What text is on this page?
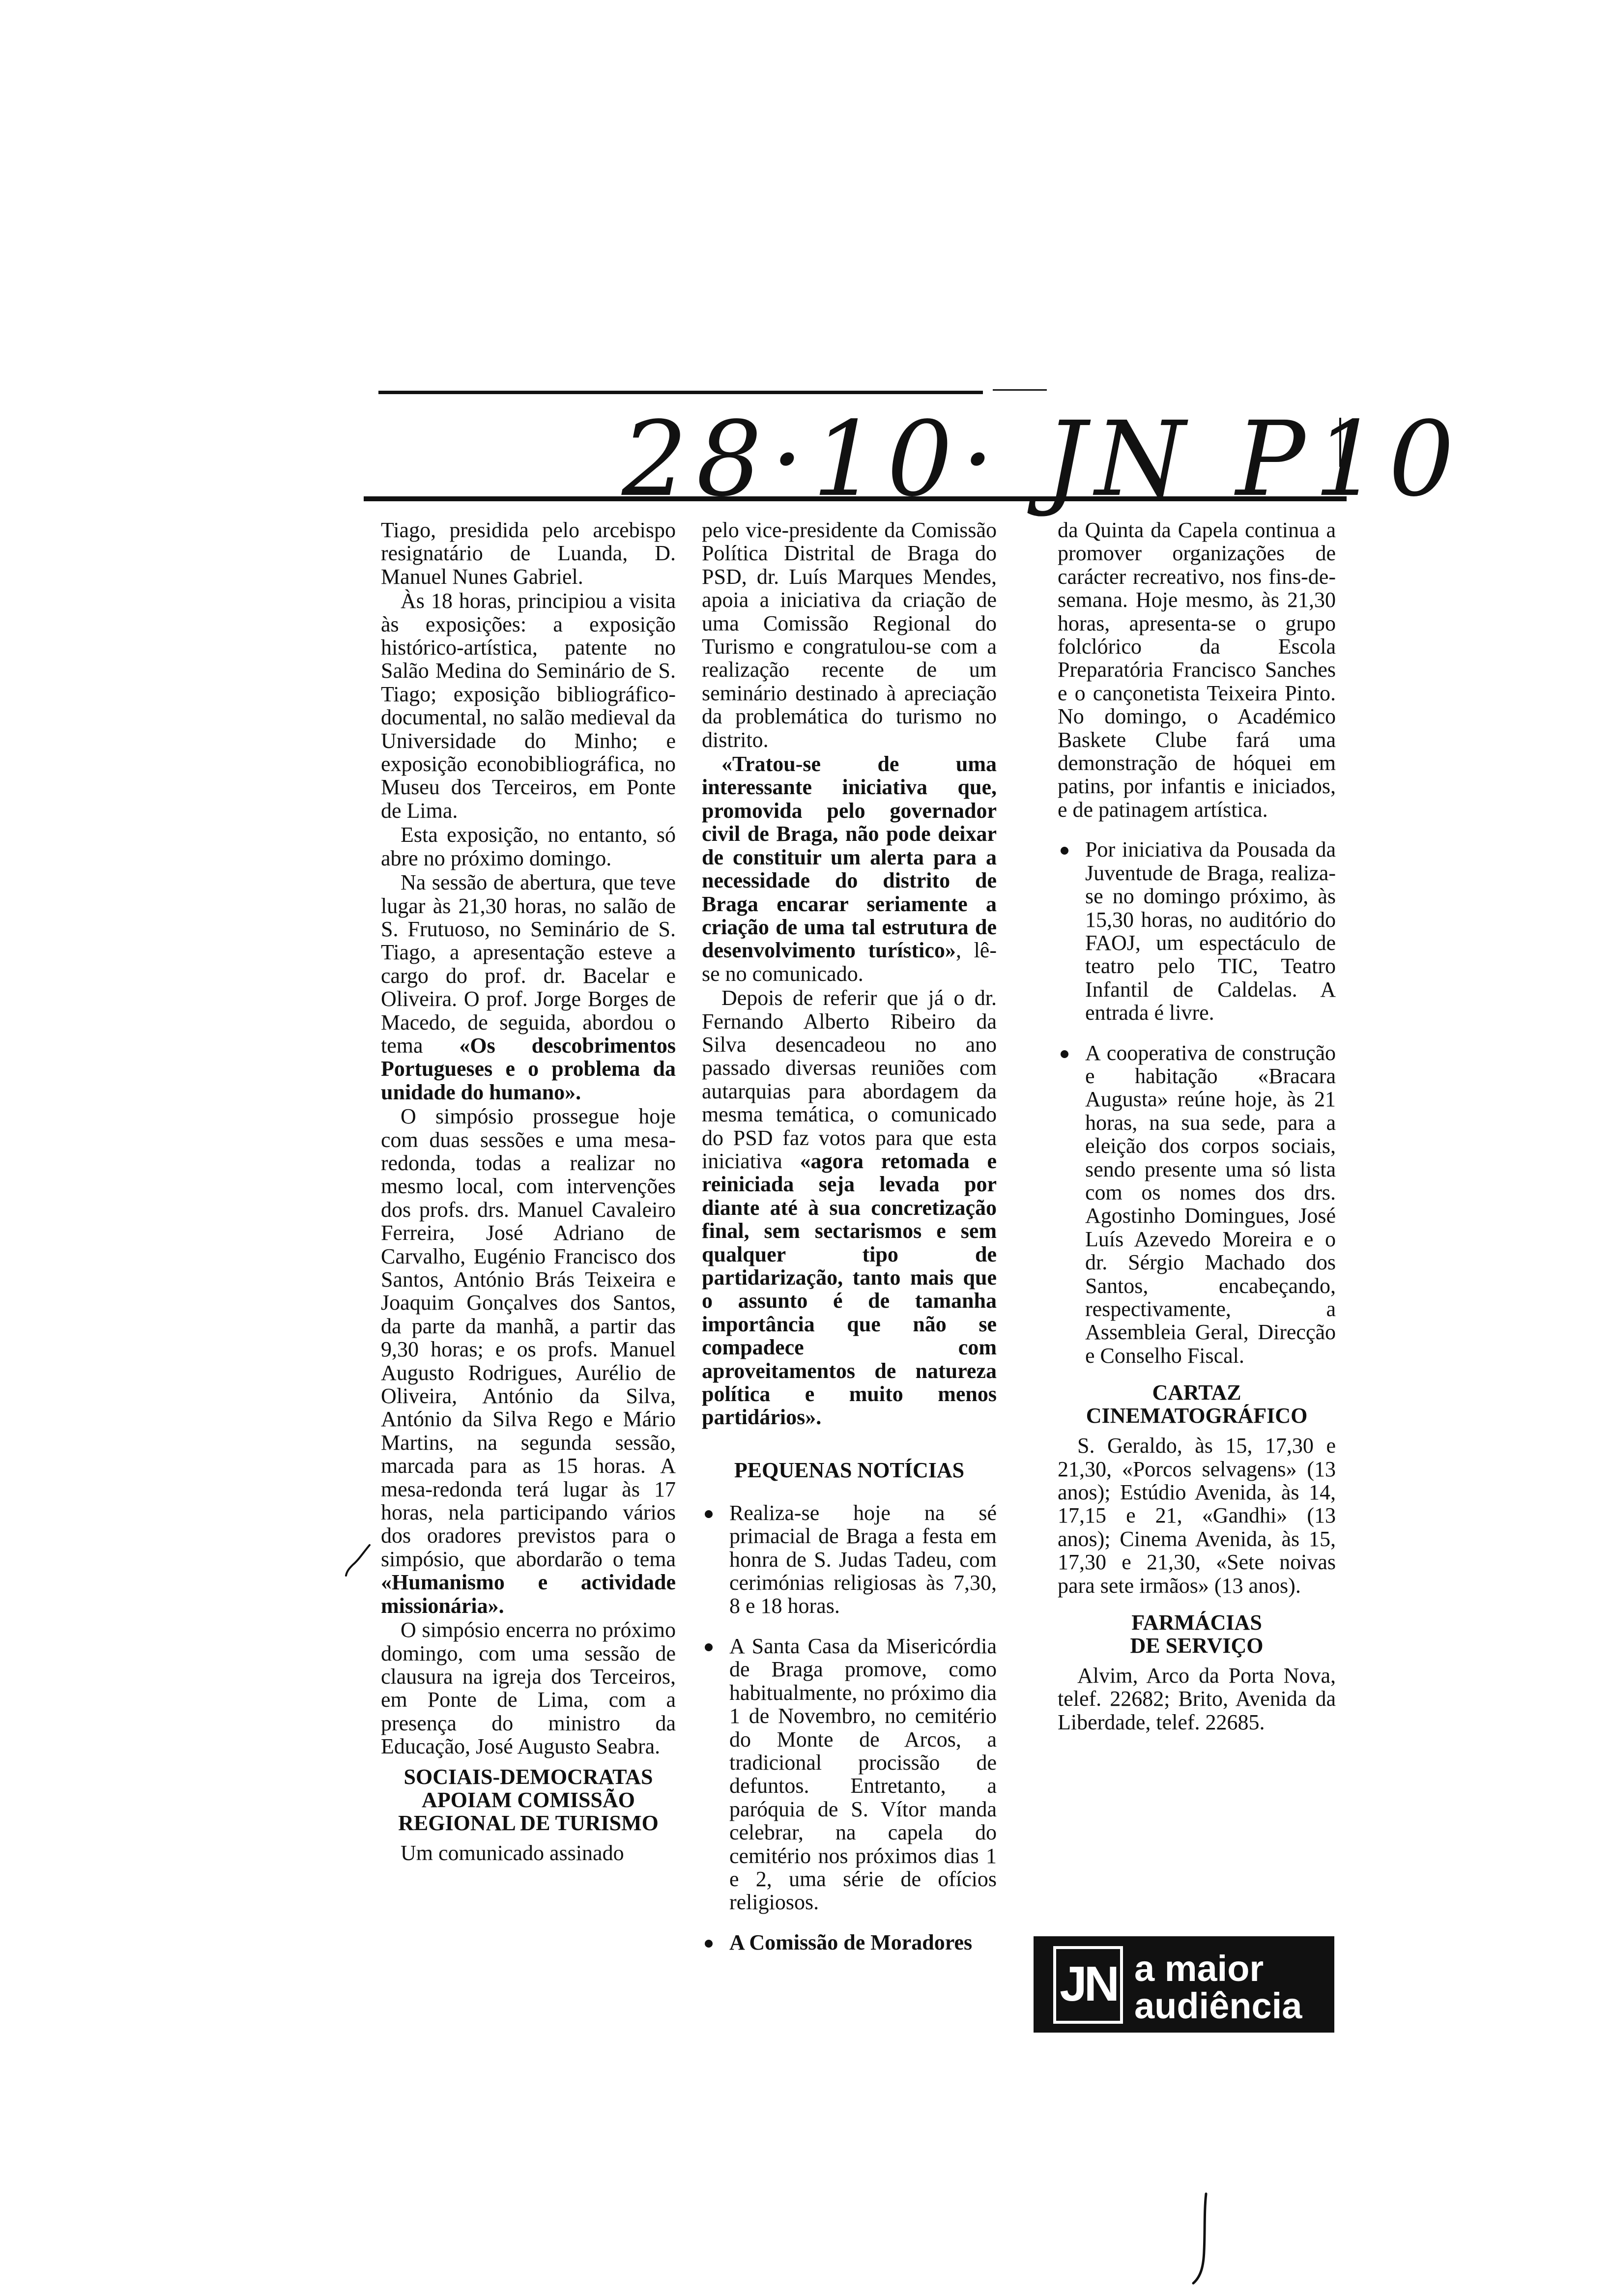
28·10· JN P10

Tiago, presidida pelo arcebispo resignatário de Luanda, D. Manuel Nunes Gabriel.

Às 18 horas, principiou a visita às exposições: a exposição histórico-artística, patente no Salão Medina do Seminário de S. Tiago; exposição bibliográfico-documental, no salão medieval da Universidade do Minho; e exposição econobibliográfica, no Museu dos Terceiros, em Ponte de Lima.

Esta exposição, no entanto, só abre no próximo domingo.

Na sessão de abertura, que teve lugar às 21,30 horas, no salão de S. Frutuoso, no Seminário de S. Tiago, a apresentação esteve a cargo do prof. dr. Bacelar e Oliveira. O prof. Jorge Borges de Macedo, de seguida, abordou o tema «Os descobrimentos Portugueses e o problema da unidade do humano».

O simpósio prossegue hoje com duas sessões e uma mesa-redonda, todas a realizar no mesmo local, com intervenções dos profs. drs. Manuel Cavaleiro Ferreira, José Adriano de Carvalho, Eugénio Francisco dos Santos, António Brás Teixeira e Joaquim Gonçalves dos Santos, da parte da manhã, a partir das 9,30 horas; e os profs. Manuel Augusto Rodrigues, Aurélio de Oliveira, António da Silva, António da Silva Rego e Mário Martins, na segunda sessão, marcada para as 15 horas. A mesa-redonda terá lugar às 17 horas, nela participando vários dos oradores previstos para o simpósio, que abordarão o tema «Humanismo e actividade missionária».

O simpósio encerra no próximo domingo, com uma sessão de clausura na igreja dos Terceiros, em Ponte de Lima, com a presença do ministro da Educação, José Augusto Seabra.

SOCIAIS-DEMOCRATAS
APOIAM COMISSÃO
REGIONAL DE TURISMO

Um comunicado assinado

pelo vice-presidente da Comissão Política Distrital de Braga do PSD, dr. Luís Marques Mendes, apoia a iniciativa da criação de uma Comissão Regional do Turismo e congratulou-se com a realização recente de um seminário destinado à apreciação da problemática do turismo no distrito.

«Tratou-se de uma interessante iniciativa que, promovida pelo governador civil de Braga, não pode deixar de constituir um alerta para a necessidade do distrito de Braga encarar seriamente a criação de uma tal estrutura de desenvolvimento turístico», lê-se no comunicado.

Depois de referir que já o dr. Fernando Alberto Ribeiro da Silva desencadeou no ano passado diversas reuniões com autarquias para abordagem da mesma temática, o comunicado do PSD faz votos para que esta iniciativa «agora retomada e reiniciada seja levada por diante até à sua concretização final, sem sectarismos e sem qualquer tipo de partidarização, tanto mais que o assunto é de tamanha importância que não se compadece com aproveitamentos de natureza política e muito menos partidários».

PEQUENAS NOTÍCIAS

Realiza-se hoje na sé primacial de Braga a festa em honra de S. Judas Tadeu, com cerimónias religiosas às 7,30, 8 e 18 horas.

A Santa Casa da Misericórdia de Braga promove, como habitualmente, no próximo dia 1 de Novembro, no cemitério do Monte de Arcos, a tradicional procissão de defuntos. Entretanto, a paróquia de S. Vítor manda celebrar, na capela do cemitério nos próximos dias 1 e 2, uma série de ofícios religiosos.

A Comissão de Moradores

da Quinta da Capela continua a promover organizações de carácter recreativo, nos fins-de-semana. Hoje mesmo, às 21,30 horas, apresenta-se o grupo folclórico da Escola Preparatória Francisco Sanches e o cançonetista Teixeira Pinto. No domingo, o Académico Baskete Clube fará uma demonstração de hóquei em patins, por infantis e iniciados, e de patinagem artística.

Por iniciativa da Pousada da Juventude de Braga, realiza-se no domingo próximo, às 15,30 horas, no auditório do FAOJ, um espectáculo de teatro pelo TIC, Teatro Infantil de Caldelas. A entrada é livre.

A cooperativa de construção e habitação «Bracara Augusta» reúne hoje, às 21 horas, na sua sede, para a eleição dos corpos sociais, sendo presente uma só lista com os nomes dos drs. Agostinho Domingues, José Luís Azevedo Moreira e o dr. Sérgio Machado dos Santos, encabeçando, respectivamente, a Assembleia Geral, Direcção e Conselho Fiscal.

CARTAZ
CINEMATOGRÁFICO

S. Geraldo, às 15, 17,30 e 21,30, «Porcos selvagens» (13 anos); Estúdio Avenida, às 14, 17,15 e 21, «Gandhi» (13 anos); Cinema Avenida, às 15, 17,30 e 21,30, «Sete noivas para sete irmãos» (13 anos).

FARMÁCIAS
DE SERVIÇO

Alvim, Arco da Porta Nova, telef. 22682; Brito, Avenida da Liberdade, telef. 22685.

JN a maior
audiência
